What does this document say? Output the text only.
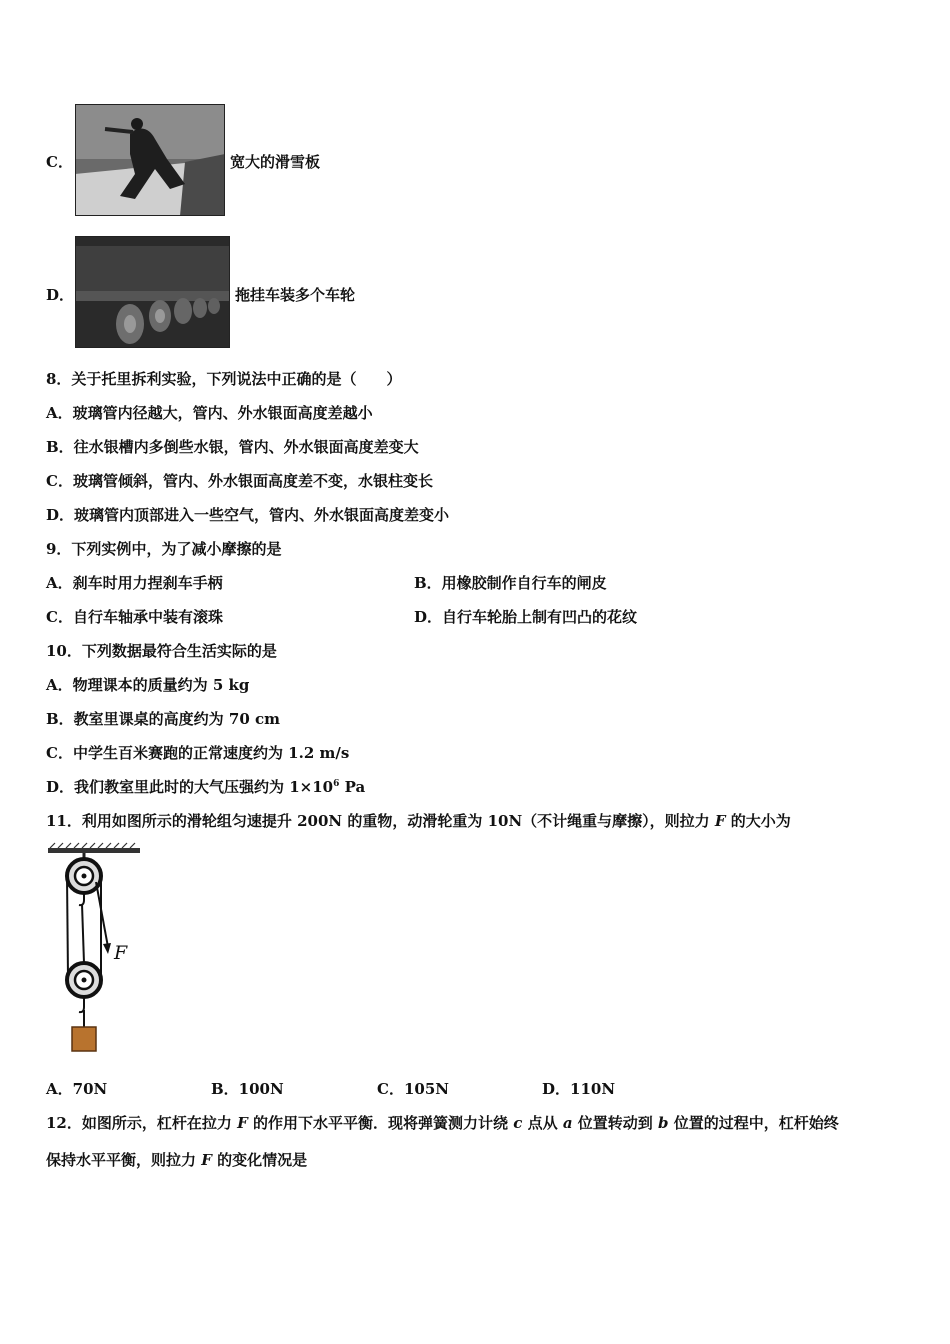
C．	宽大的滑雪板
D．	拖挂车装多个车轮
8．关于托里拆利实验，下列说法中正确的是（　　）
A．玻璃管内径越大，管内、外水银面高度差越小
B．往水银槽内多倒些水银，管内、外水银面高度差变大
C．玻璃管倾斜，管内、外水银面高度差不变，水银柱变长
D．玻璃管内顶部进入一些空气，管内、外水银面高度差变小
9．下列实例中，为了减小摩擦的是
A．刹车时用力捏刹车手柄	B．用橡胶制作自行车的闸皮
C．自行车轴承中装有滚珠	D．自行车轮胎上制有凹凸的花纹
10．下列数据最符合生活实际的是
A．物理课本的质量约为 5 kg
B．教室里课桌的高度约为 70 cm
C．中学生百米赛跑的正常速度约为 1.2 m/s
D．我们教室里此时的大气压强约为 $1\times 10^6$ Pa
11．利用如图所示的滑轮组匀速提升 200N 的重物，动滑轮重为 10N（不计绳重与摩擦），则拉力 F 的大小为
F
A．70N	B．100N	C．105N	D．110N
12．如图所示，杠杆在拉力 F 的作用下水平平衡．现将弹簧测力计绕 c 点从 a 位置转动到 b 位置的过程中，杠杆始终
保持水平平衡，则拉力 F 的变化情况是
